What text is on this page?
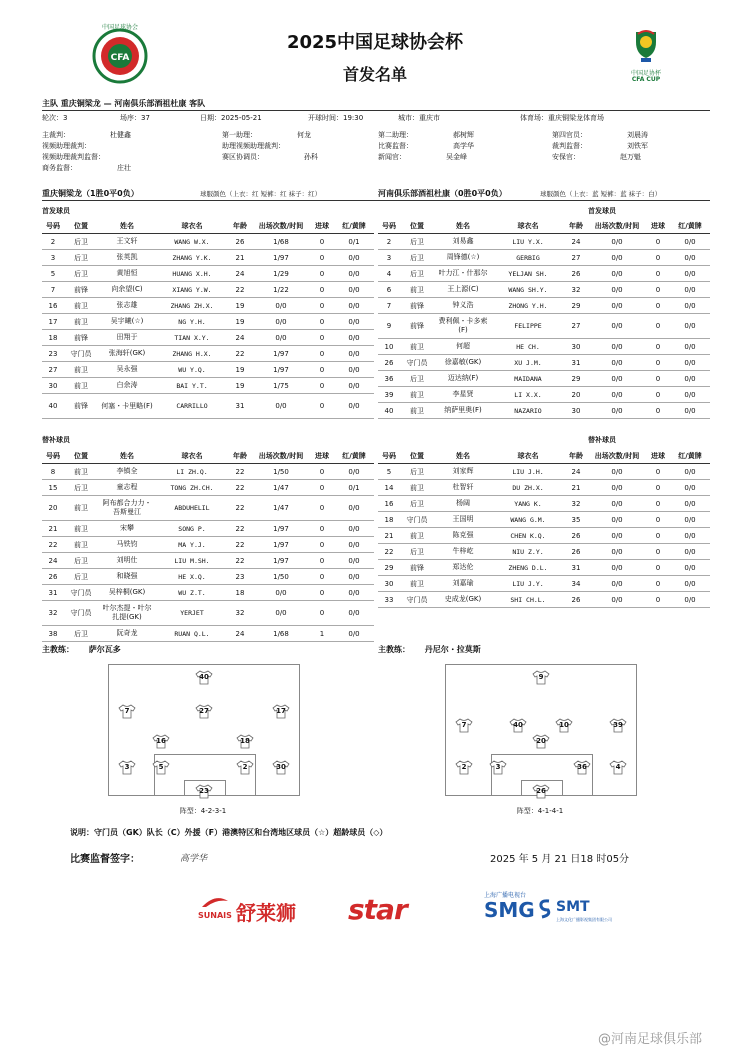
CFA
中国足球协会
2025中国足球协会杯
首发名单	中国足协杯
CFA CUP
主队 重庆铜梁龙 — 河南俱乐部酒祖杜康 客队
轮次：3	场序：37	日期：2025-05-21	开球时间：19:30	城市：重庆市	体育场：重庆铜梁龙体育场
主裁判：	杜健鑫	第一助理：	何龙	第二助理：	郝树辉	第四官员：	刘晨涛
视频助理裁判：	助理视频助理裁判：	比赛监督：	高学华	裁判监督：	刘铁军
视频助理裁判监督：	赛区协调员：	孙科	新闻官：	吴金峰	安保官：	赵万魁
商务监督：	庄壮
重庆铜梁龙（1胜0平0负）	球服颜色（上衣：红 短裤：红 袜子：红）	河南俱乐部酒祖杜康（0胜0平0负）	球服颜色（上衣：蓝 短裤：蓝 袜子：白）
首发球员	首发球员
号码	位置	姓名	球衣名	年龄	出场次数/时间	进球	红/黄牌
2	后卫	王文轩	WANG W.X.	26	1/68	0	0/1
3	后卫	张英凯	ZHANG Y.K.	21	1/97	0	0/0
5	后卫	黄旭恒	HUANG X.H.	24	1/29	0	0/0
7	前锋	向余望(C)	XIANG Y.W.	22	1/22	0	0/0
16	前卫	张志雄	ZHANG ZH.X.	19	0/0	0	0/0
17	前卫	吴宇曦(☆)	NG Y.H.	19	0/0	0	0/0
18	前锋	田翔于	TIAN X.Y.	24	0/0	0	0/0
23	守门员	张海轩(GK)	ZHANG H.X.	22	1/97	0	0/0
27	前卫	吴永强	WU Y.Q.	19	1/97	0	0/0
30	前卫	白余涛	BAI Y.T.	19	1/75	0	0/0
40	前锋	何塞・卡里略(F)	CARRILLO	31	0/0	0	0/0
号码	位置	姓名	球衣名	年龄	出场次数/时间	进球	红/黄牌
2	后卫	刘易鑫	LIU Y.X.	24	0/0	0	0/0
3	后卫	周锋德(☆)	GERBIG	27	0/0	0	0/0
4	后卫	叶力江・什那尔	YELJAN SH.	26	0/0	0	0/0
6	前卫	王上源(C)	WANG SH.Y.	32	0/0	0	0/0
7	前锋	钟义浩	ZHONG Y.H.	29	0/0	0	0/0
9	前锋	费利佩・卡多索(F)	FELIPPE	27	0/0	0	0/0
10	前卫	何超	HE CH.	30	0/0	0	0/0
26	守门员	徐嘉敏(GK)	XU J.M.	31	0/0	0	0/0
36	后卫	迈达纳(F)	MAIDANA	29	0/0	0	0/0
39	前卫	李星贤	LI X.X.	20	0/0	0	0/0
40	前卫	纳萨里奥(F)	NAZARIO	30	0/0	0	0/0
替补球员	替补球员
号码	位置	姓名	球衣名	年龄	出场次数/时间	进球	红/黄牌
8	前卫	李镇全	LI ZH.Q.	22	1/50	0	0/0
15	后卫	童志程	TONG ZH.CH.	22	1/47	0	0/1
20	前卫	阿布都合力力・吾斯曼江	ABDUHELIL	22	1/47	0	0/0
21	前卫	宋攀	SONG P.	22	1/97	0	0/0
22	前卫	马铁钧	MA Y.J.	22	1/97	0	0/0
24	后卫	刘明仕	LIU M.SH.	22	1/97	0	0/0
26	后卫	和晓强	HE X.Q.	23	1/50	0	0/0
31	守门员	吴梓桐(GK)	WU Z.T.	18	0/0	0	0/0
32	守门员	叶尔杰提・叶尔扎提(GK)	YERJET	32	0/0	0	0/0
38	后卫	阮奇龙	RUAN Q.L.	24	1/68	1	0/0
号码	位置	姓名	球衣名	年龄	出场次数/时间	进球	红/黄牌
5	后卫	刘家辉	LIU J.H.	24	0/0	0	0/0
14	前卫	杜智轩	DU ZH.X.	21	0/0	0	0/0
16	后卫	杨阔	YANG K.	32	0/0	0	0/0
18	守门员	王国明	WANG G.M.	35	0/0	0	0/0
21	前卫	陈克强	CHEN K.Q.	26	0/0	0	0/0
22	后卫	牛梓屹	NIU Z.Y.	26	0/0	0	0/0
29	前锋	郑达伦	ZHENG D.L.	31	0/0	0	0/0
30	前卫	刘嘉瑜	LIU J.Y.	34	0/0	0	0/0
33	守门员	史成龙(GK)	SHI CH.L.	26	0/0	0	0/0
主教练： 萨尔瓦多	主教练： 丹尼尔・拉莫斯
40
7	27	17
16	18
3	5	2	30
23
阵型：4-2-3-1
9
7	40	39
10
20
2	3	36	4
26
阵型：4-1-4-1
说明：守门员（GK）队长（C）外援（F）港澳特区和台湾地区球员（☆）超龄球员（◇）
比赛监督签字：	高学华	2025 年 5 月 21 日18 时05分
SUNAIS 舒莱狮 star	上海广播电视台
SMG SMT
上海文化广播影视集团有限公司
@河南足球俱乐部
